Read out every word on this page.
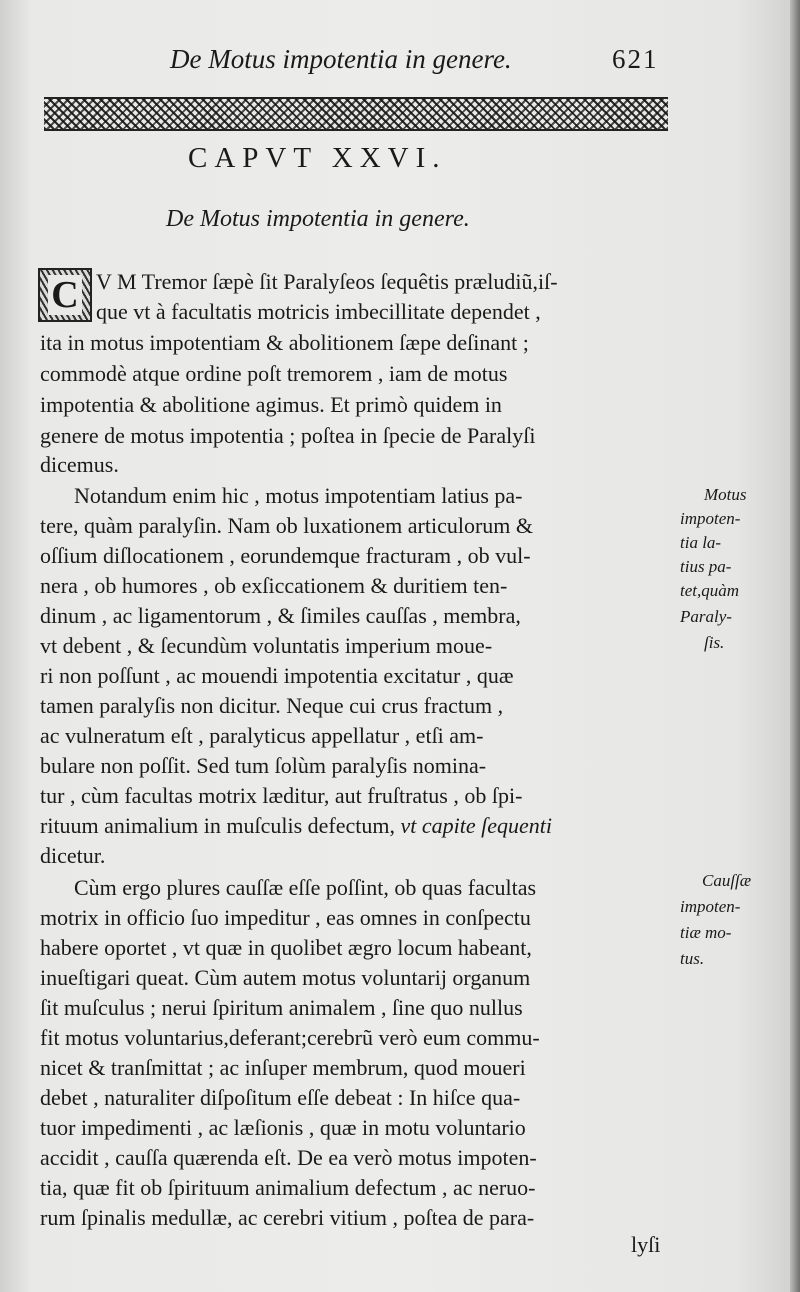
De Motus impotentia in genere.	621
CAPVT XXVI.
De Motus impotentia in genere.
C V M Tremor ſæpè ſit Paralyſeos ſequêtis præludiũ,iſ-
que vt à facultatis motricis imbecillitate dependet ,
ita in motus impotentiam & abolitionem ſæpe deſinant ;
commodè atque ordine poſt tremorem , iam de motus
impotentia & abolitione agimus. Et primò quidem in
genere de motus impotentia ; poſtea in ſpecie de Paralyſi
dicemus.
Notandum enim hic , motus impotentiam latius pa-
tere, quàm paralyſin. Nam ob luxationem articulorum &
oſſium diſlocationem , eorundemque fracturam , ob vul-
nera , ob humores , ob exſiccationem & duritiem ten-
dinum , ac ligamentorum , & ſimiles cauſſas , membra,
vt debent , & ſecundùm voluntatis imperium moue-
ri non poſſunt , ac mouendi impotentia excitatur , quæ
tamen paralyſis non dicitur. Neque cui crus fractum ,
ac vulneratum eſt , paralyticus appellatur , etſi am-
bulare non poſſit. Sed tum ſolùm paralyſis nomina-
tur , cùm facultas motrix læditur, aut fruſtratus , ob ſpi-
rituum animalium in muſculis defectum, vt capite ſequenti
dicetur.
Cùm ergo plures cauſſæ eſſe poſſint, ob quas facultas
motrix in officio ſuo impeditur , eas omnes in conſpectu
habere oportet , vt quæ in quolibet ægro locum habeant,
inueſtigari queat. Cùm autem motus voluntarij organum
ſit muſculus ; nerui ſpiritum animalem , ſine quo nullus
fit motus voluntarius,deferant;cerebrũ verò eum commu-
nicet & tranſmittat ; ac inſuper membrum, quod moueri
debet , naturaliter diſpoſitum eſſe debeat : In hiſce qua-
tuor impedimenti , ac læſionis , quæ in motu voluntario
accidit , cauſſa quærenda eſt. De ea verò motus impoten-
tia, quæ fit ob ſpirituum animalium defectum , ac neruo-
rum ſpinalis medullæ, ac cerebri vitium , poſtea de para-
Motus
impoten-
tia la-
tius pa-
tet,quàm
Paraly-
ſis.
Cauſſæ
impoten-
tiæ mo-
tus.
lyſi
